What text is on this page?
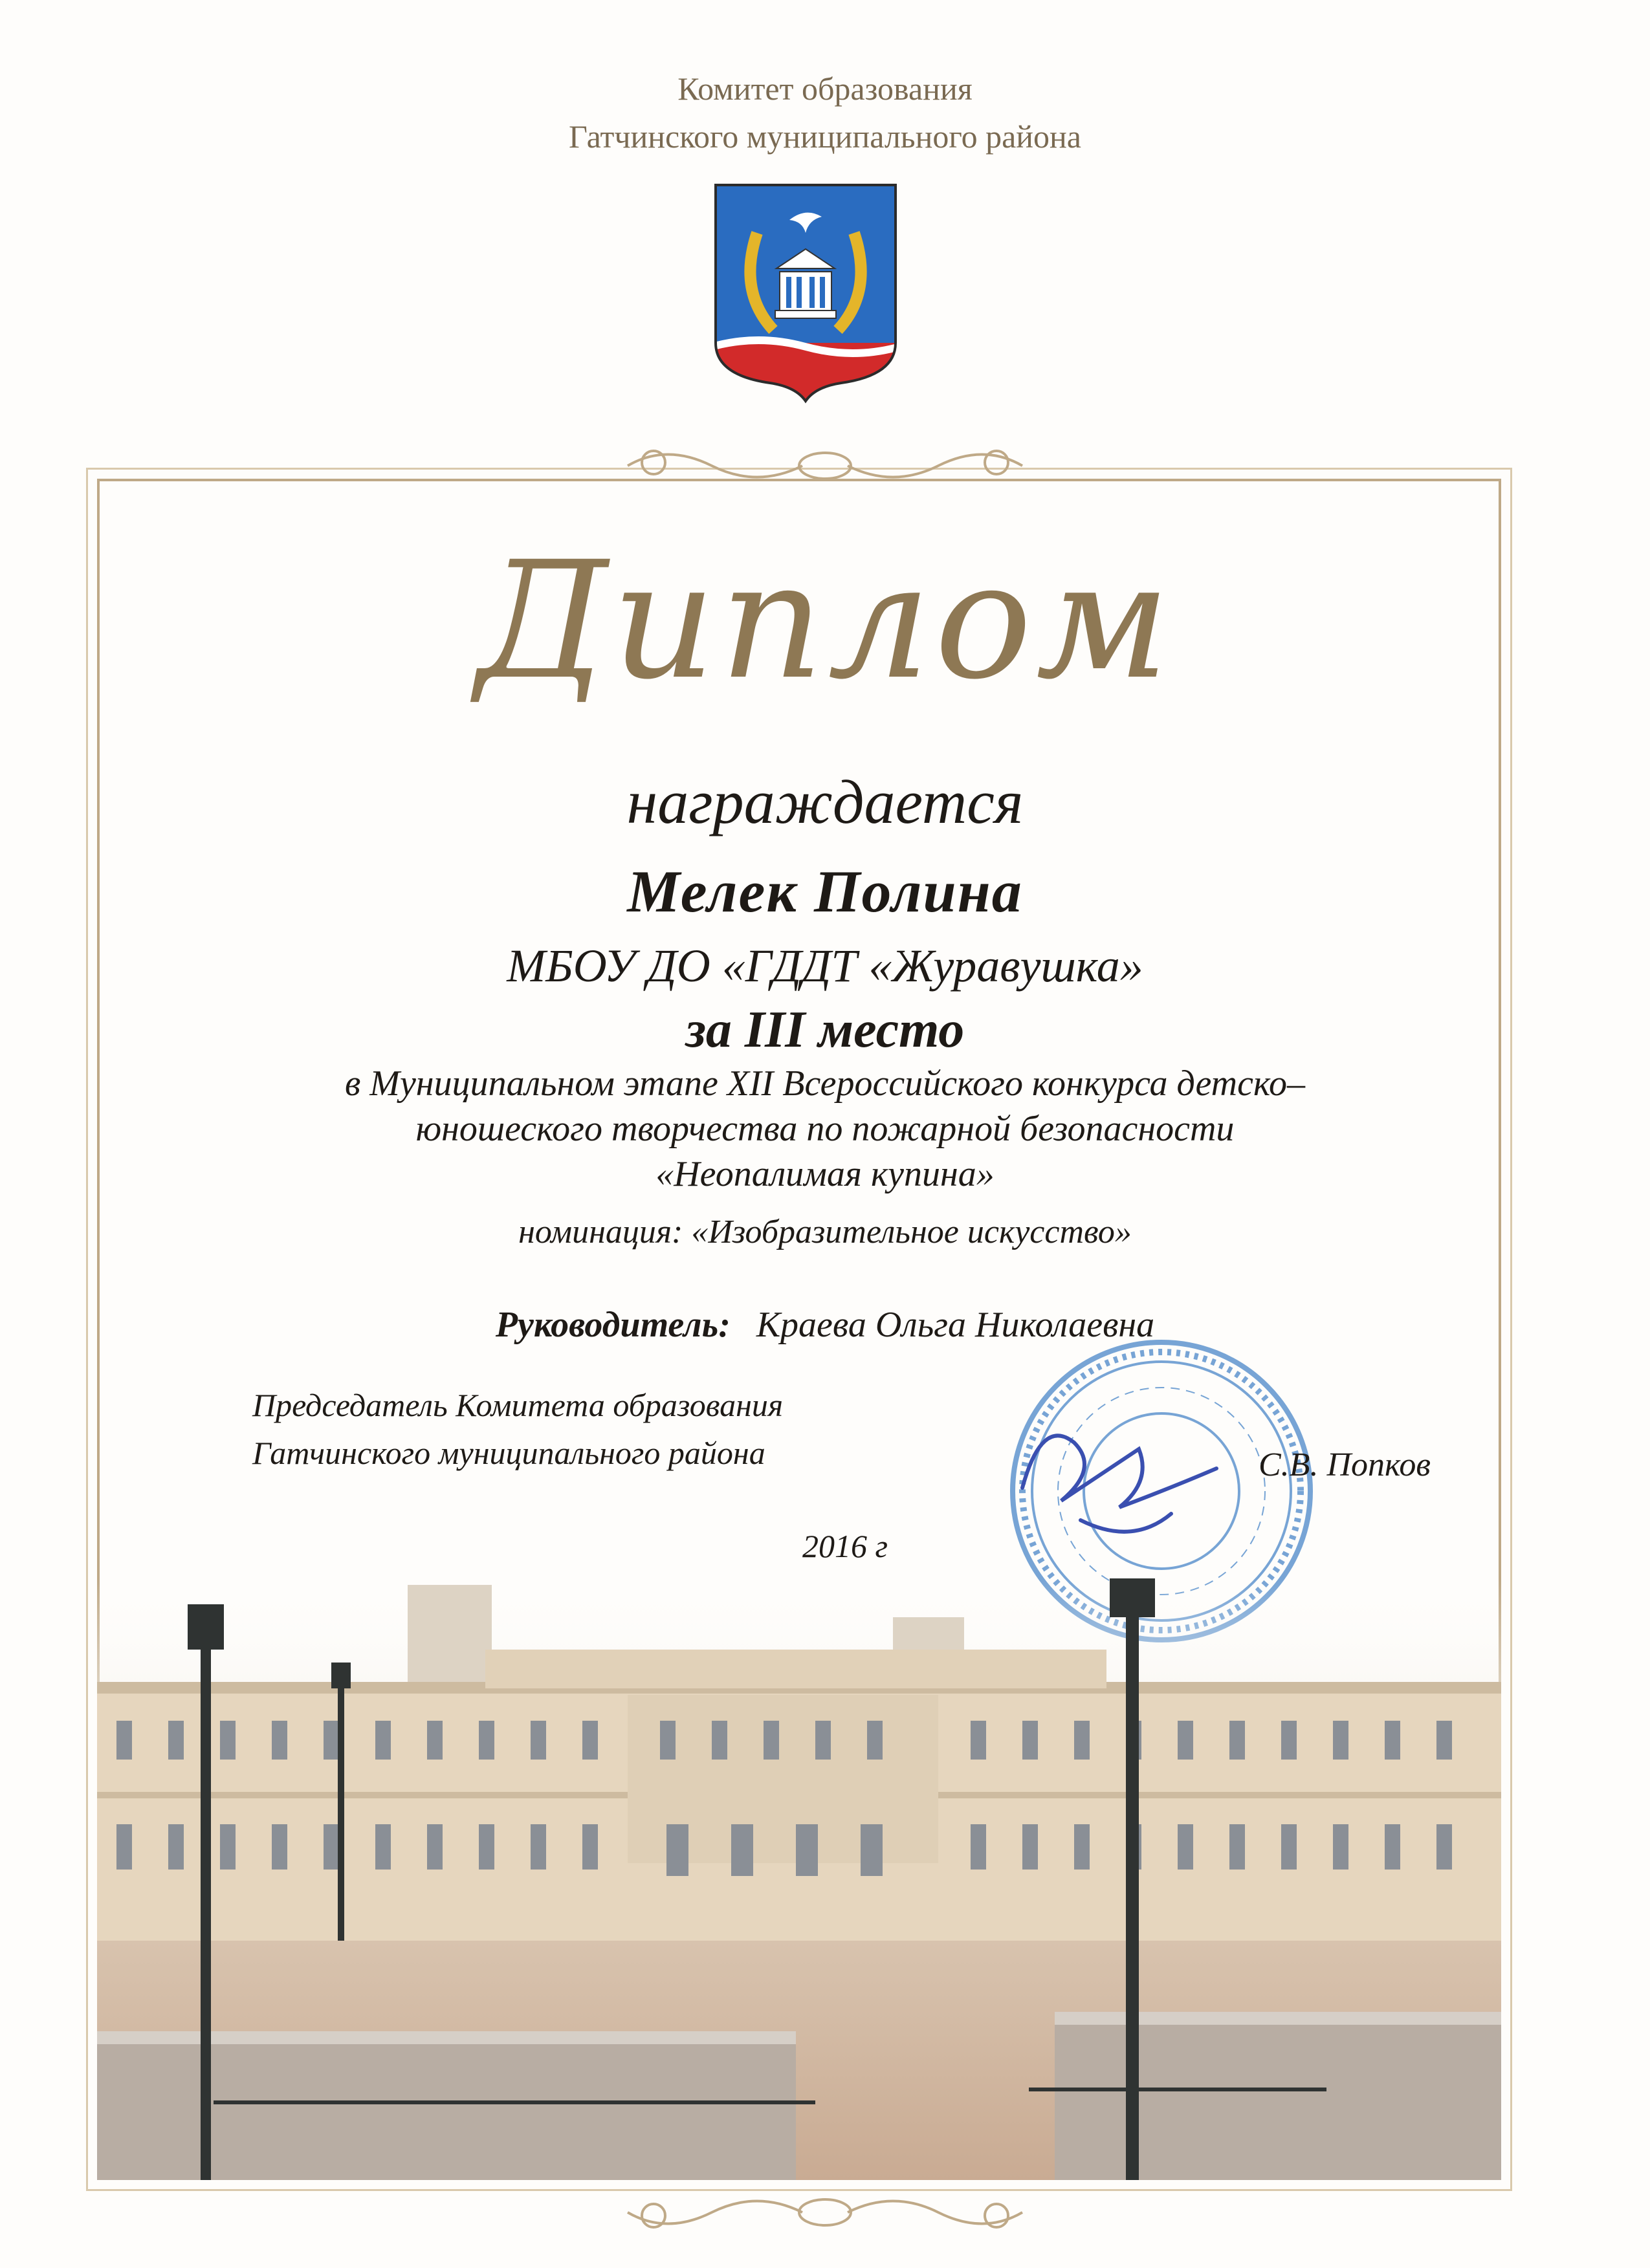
Комитет образования
Гатчинского муниципального района
Диплом
награждается
Мелек Полина
МБОУ ДО «ГДДТ «Журавушка»
за III место
в Муниципальном этапе XII Всероссийского конкурса детско–
юношеского творчества по пожарной безопасности
«Неопалимая купина»
номинация: «Изобразительное искусство»
Руководитель: Краева Ольга Николаевна
Председатель Комитета образования
Гатчинского муниципального района	С.В. Попков
2016 г
